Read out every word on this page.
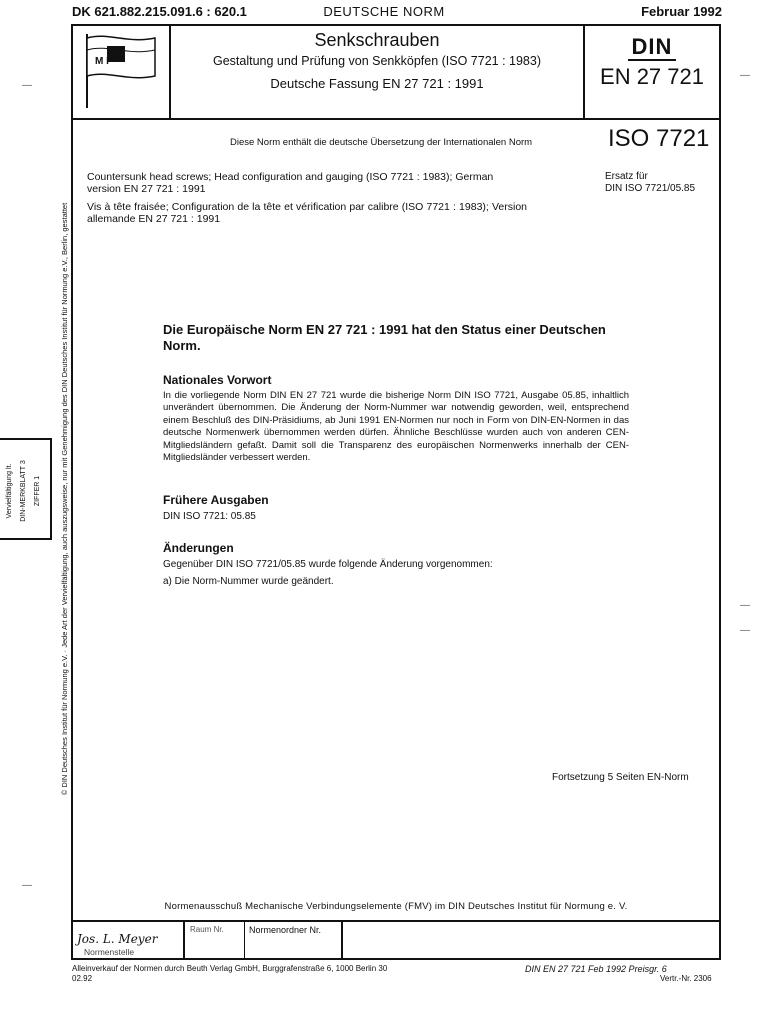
DK 621.882.215.091.6 : 620.1	DEUTSCHE NORM	Februar 1992
M P
Senkschrauben
Gestaltung und Prüfung von Senkköpfen (ISO 7721 : 1983)
Deutsche Fassung EN 27 721 : 1991
DIN
EN 27 721
Diese Norm enthält die deutsche Übersetzung der Internationalen Norm	ISO 7721
Countersunk head screws; Head configuration and gauging (ISO 7721 : 1983); German version EN 27 721 : 1991
Vis à tête fraisée; Configuration de la tête et vérification par calibre (ISO 7721 : 1983); Version allemande EN 27 721 : 1991
Ersatz für
DIN ISO 7721/05.85
Die Europäische Norm EN 27 721 : 1991 hat den Status einer Deutschen Norm.
Nationales Vorwort
In die vorliegende Norm DIN EN 27 721 wurde die bisherige Norm DIN ISO 7721, Ausgabe 05.85, inhaltlich unverändert übernommen. Die Änderung der Norm-Nummer war notwendig geworden, weil, entsprechend einem Beschluß des DIN-Präsidiums, ab Juni 1991 EN-Normen nur noch in Form von DIN-EN-Normen in das deutsche Normenwerk übernommen werden dürfen. Ähnliche Beschlüsse wurden auch von anderen CEN-Mitgliedsländern gefaßt. Damit soll die Transparenz des europäischen Normenwerks innerhalb der CEN-Mitgliedsländer verbessert werden.
Frühere Ausgaben
DIN ISO 7721: 05.85
Änderungen
Gegenüber DIN ISO 7721/05.85 wurde folgende Änderung vorgenommen:
a) Die Norm-Nummer wurde geändert.
Fortsetzung 5 Seiten EN-Norm
Normenausschuß Mechanische Verbindungselemente (FMV) im DIN Deutsches Institut für Normung e. V.
Jos. L. Meyer
Normenstelle
Raum Nr.	Normenordner Nr.
Alleinverkauf der Normen durch Beuth Verlag GmbH, Burggrafenstraße 6, 1000 Berlin 30
02.92
DIN EN 27 721 Feb 1992 Preisgr. 6
Vertr.-Nr. 2306
© DIN Deutsches Institut für Normung e.V. · Jede Art der Vervielfältigung, auch auszugsweise, nur mit Genehmigung des DIN Deutsches Institut für Normung e.V., Berlin, gestattet
Vervielfältigung lt.	DIN-MERKBLATT 3	ZIFFER 1
—
—
—
—
—
